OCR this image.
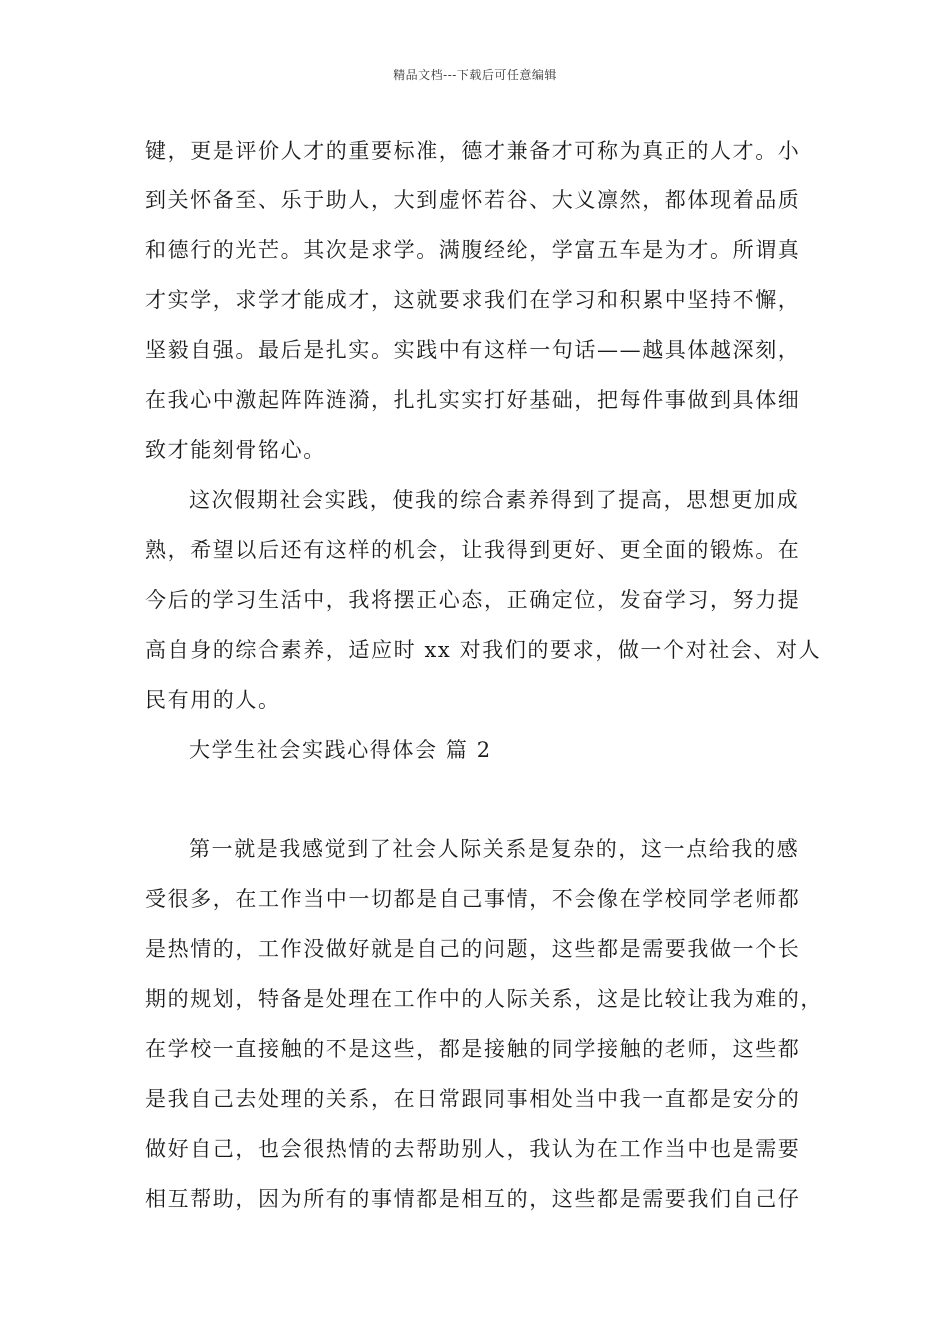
精品文档---下载后可任意编辑
键，更是评价人才的重要标准，德才兼备才可称为真正的人才。小
到关怀备至、乐于助人，大到虚怀若谷、大义凛然，都体现着品质
和德行的光芒。其次是求学。满腹经纶，学富五车是为才。所谓真
才实学，求学才能成才，这就要求我们在学习和积累中坚持不懈，
坚毅自强。最后是扎实。实践中有这样一句话——越具体越深刻，
在我心中激起阵阵涟漪，扎扎实实打好基础，把每件事做到具体细
致才能刻骨铭心。
这次假期社会实践，使我的综合素养得到了提高，思想更加成
熟，希望以后还有这样的机会，让我得到更好、更全面的锻炼。在
今后的学习生活中，我将摆正心态，正确定位，发奋学习，努力提
高自身的综合素养，适应时 xx 对我们的要求，做一个对社会、对人
民有用的人。
大学生社会实践心得体会 篇 2
第一就是我感觉到了社会人际关系是复杂的，这一点给我的感
受很多，在工作当中一切都是自己事情，不会像在学校同学老师都
是热情的，工作没做好就是自己的问题，这些都是需要我做一个长
期的规划，特备是处理在工作中的人际关系，这是比较让我为难的，
在学校一直接触的不是这些，都是接触的同学接触的老师，这些都
是我自己去处理的关系，在日常跟同事相处当中我一直都是安分的
做好自己，也会很热情的去帮助别人，我认为在工作当中也是需要
相互帮助，因为所有的事情都是相互的，这些都是需要我们自己仔
